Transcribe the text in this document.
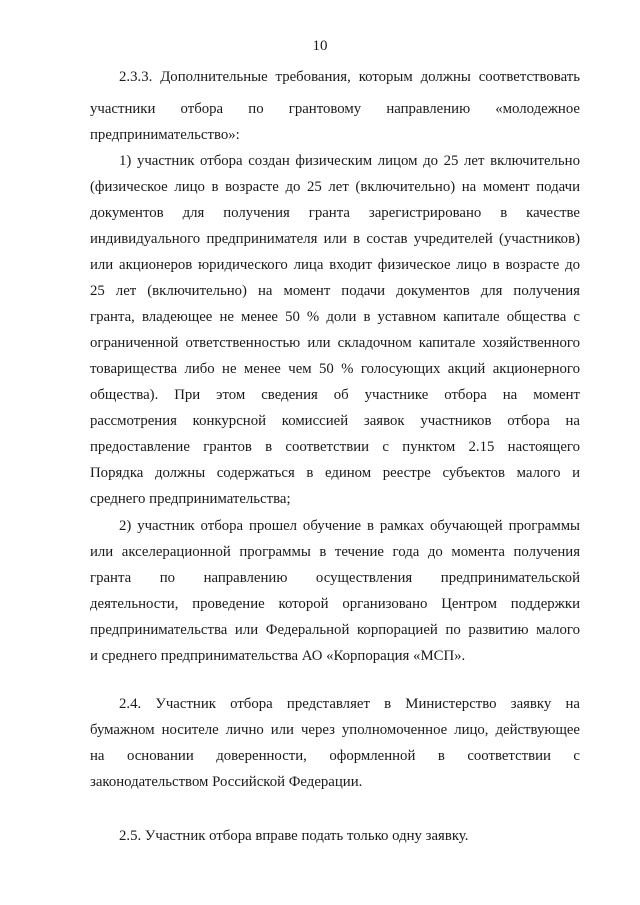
10
2.3.3. Дополнительные требования, которым должны соответствовать
участники отбора по грантовому направлению «молодежное
предпринимательство»:
1) участник отбора создан физическим лицом до 25 лет включительно
(физическое лицо в возрасте до 25 лет (включительно) на момент подачи
документов для получения гранта зарегистрировано в качестве
индивидуального предпринимателя или в состав учредителей (участников)
или акционеров юридического лица входит физическое лицо в возрасте до
25 лет (включительно) на момент подачи документов для получения
гранта, владеющее не менее 50 % доли в уставном капитале общества с
ограниченной ответственностью или складочном капитале хозяйственного
товарищества либо не менее чем 50 % голосующих акций акционерного
общества). При этом сведения об участнике отбора на момент
рассмотрения конкурсной комиссией заявок участников отбора на
предоставление грантов в соответствии с пунктом 2.15 настоящего
Порядка должны содержаться в едином реестре субъектов малого и
среднего предпринимательства;
2) участник отбора прошел обучение в рамках обучающей программы
или акселерационной программы в течение года до момента получения
гранта по направлению осуществления предпринимательской
деятельности, проведение которой организовано Центром поддержки
предпринимательства или Федеральной корпорацией по развитию малого
и среднего предпринимательства АО «Корпорация «МСП».
2.4. Участник отбора представляет в Министерство заявку на
бумажном носителе лично или через уполномоченное лицо, действующее
на основании доверенности, оформленной в соответствии с
законодательством Российской Федерации.
2.5. Участник отбора вправе подать только одну заявку.
